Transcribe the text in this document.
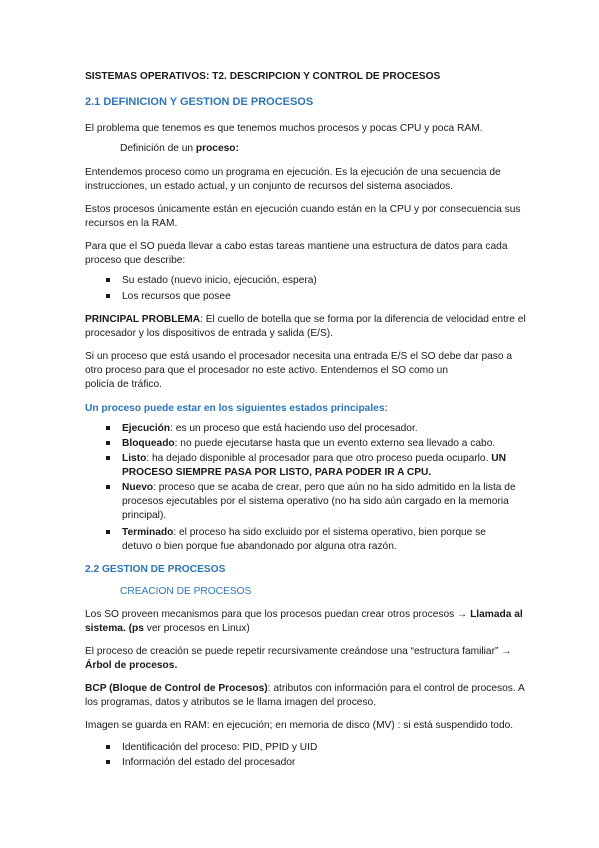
SISTEMAS OPERATIVOS: T2. DESCRIPCION Y CONTROL DE PROCESOS
2.1 DEFINICION Y GESTION DE PROCESOS
El problema que tenemos es que tenemos muchos procesos y pocas CPU y poca RAM.
Definición de un proceso:
Entendemos proceso como un programa en ejecución. Es la ejecución de una secuencia de
instrucciones, un estado actual, y un conjunto de recursos del sistema asociados.
Estos procesos únicamente están en ejecución cuando están en la CPU y por consecuencia sus
recursos en la RAM.
Para que el SO pueda llevar a cabo estas tareas mantiene una estructura de datos para cada
proceso que describe:
Su estado (nuevo inicio, ejecución, espera)
Los recursos que posee
PRINCIPAL PROBLEMA: El cuello de botella que se forma por la diferencia de velocidad entre el
procesador y los dispositivos de entrada y salida (E/S).
Si un proceso que está usando el procesador necesita una entrada E/S el SO debe dar paso a
otro proceso para que el procesador no este activo. Entendemos el SO como un
policía de tráfico.
Un proceso puede estar en los siguientes estados principales:
Ejecución: es un proceso que está haciendo uso del procesador.
Bloqueado: no puede ejecutarse hasta que un evento externo sea llevado a cabo.
Listo: ha dejado disponible al procesador para que otro proceso pueda ocuparlo. UN
PROCESO SIEMPRE PASA POR LISTO, PARA PODER IR A CPU.
Nuevo: proceso que se acaba de crear, pero que aún no ha sido admitido en la lista de
procesos ejecutables por el sistema operativo (no ha sido aún cargado en la memoria
principal).
Terminado: el proceso ha sido excluido por el sistema operativo, bien porque se
detuvo o bien porque fue abandonado por alguna otra razón.
2.2 GESTION DE PROCESOS
CREACION DE PROCESOS
Los SO proveen mecanismos para que los procesos puedan crear otros procesos → Llamada al
sistema. (ps ver procesos en Linux)
El proceso de creación se puede repetir recursivamente creándose una “estructura familiar” →
Árbol de procesos.
BCP (Bloque de Control de Procesos): atributos con información para el control de procesos. A
los programas, datos y atributos se le llama imagen del proceso.
Imagen se guarda en RAM: en ejecución; en memoria de disco (MV) : si está suspendido todo.
Identificación del proceso: PID, PPID y UID
Información del estado del procesador
